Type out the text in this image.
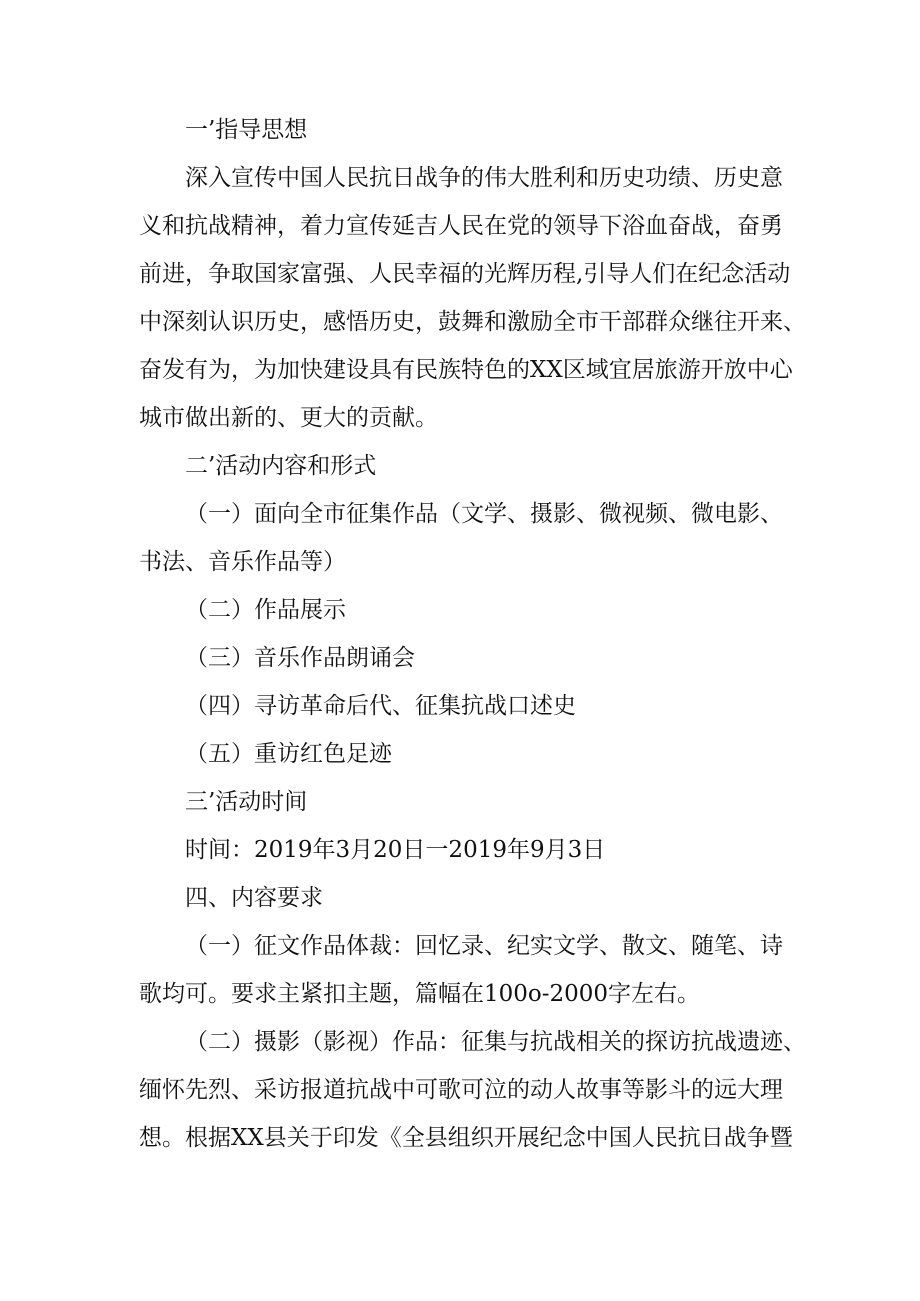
一’指导思想
深入宣传中国人民抗日战争的伟大胜利和历史功绩、历史意
义和抗战精神，着力宣传延吉人民在党的领导下浴血奋战，奋勇
前进，争取国家富强、人民幸福的光辉历程,引导人们在纪念活动
中深刻认识历史，感悟历史，鼓舞和激励全市干部群众继往开来、
奋发有为，为加快建设具有民族特色的XX区域宜居旅游开放中心
城市做出新的、更大的贡献。
二’活动内容和形式
（一）面向全市征集作品（文学、摄影、微视频、微电影、
书法、音乐作品等）
（二）作品展示
（三）音乐作品朗诵会
（四）寻访革命后代、征集抗战口述史
（五）重访红色足迹
三’活动时间
时间：2019年3月20日一2019年9月3日
四、内容要求
（一）征文作品体裁：回忆录、纪实文学、散文、随笔、诗
歌均可。要求主紧扣主题，篇幅在100o-2000字左右。
（二）摄影（影视）作品：征集与抗战相关的探访抗战遗迹、
缅怀先烈、采访报道抗战中可歌可泣的动人故事等影斗的远大理
想。根据XX县关于印发《全县组织开展纪念中国人民抗日战争暨
